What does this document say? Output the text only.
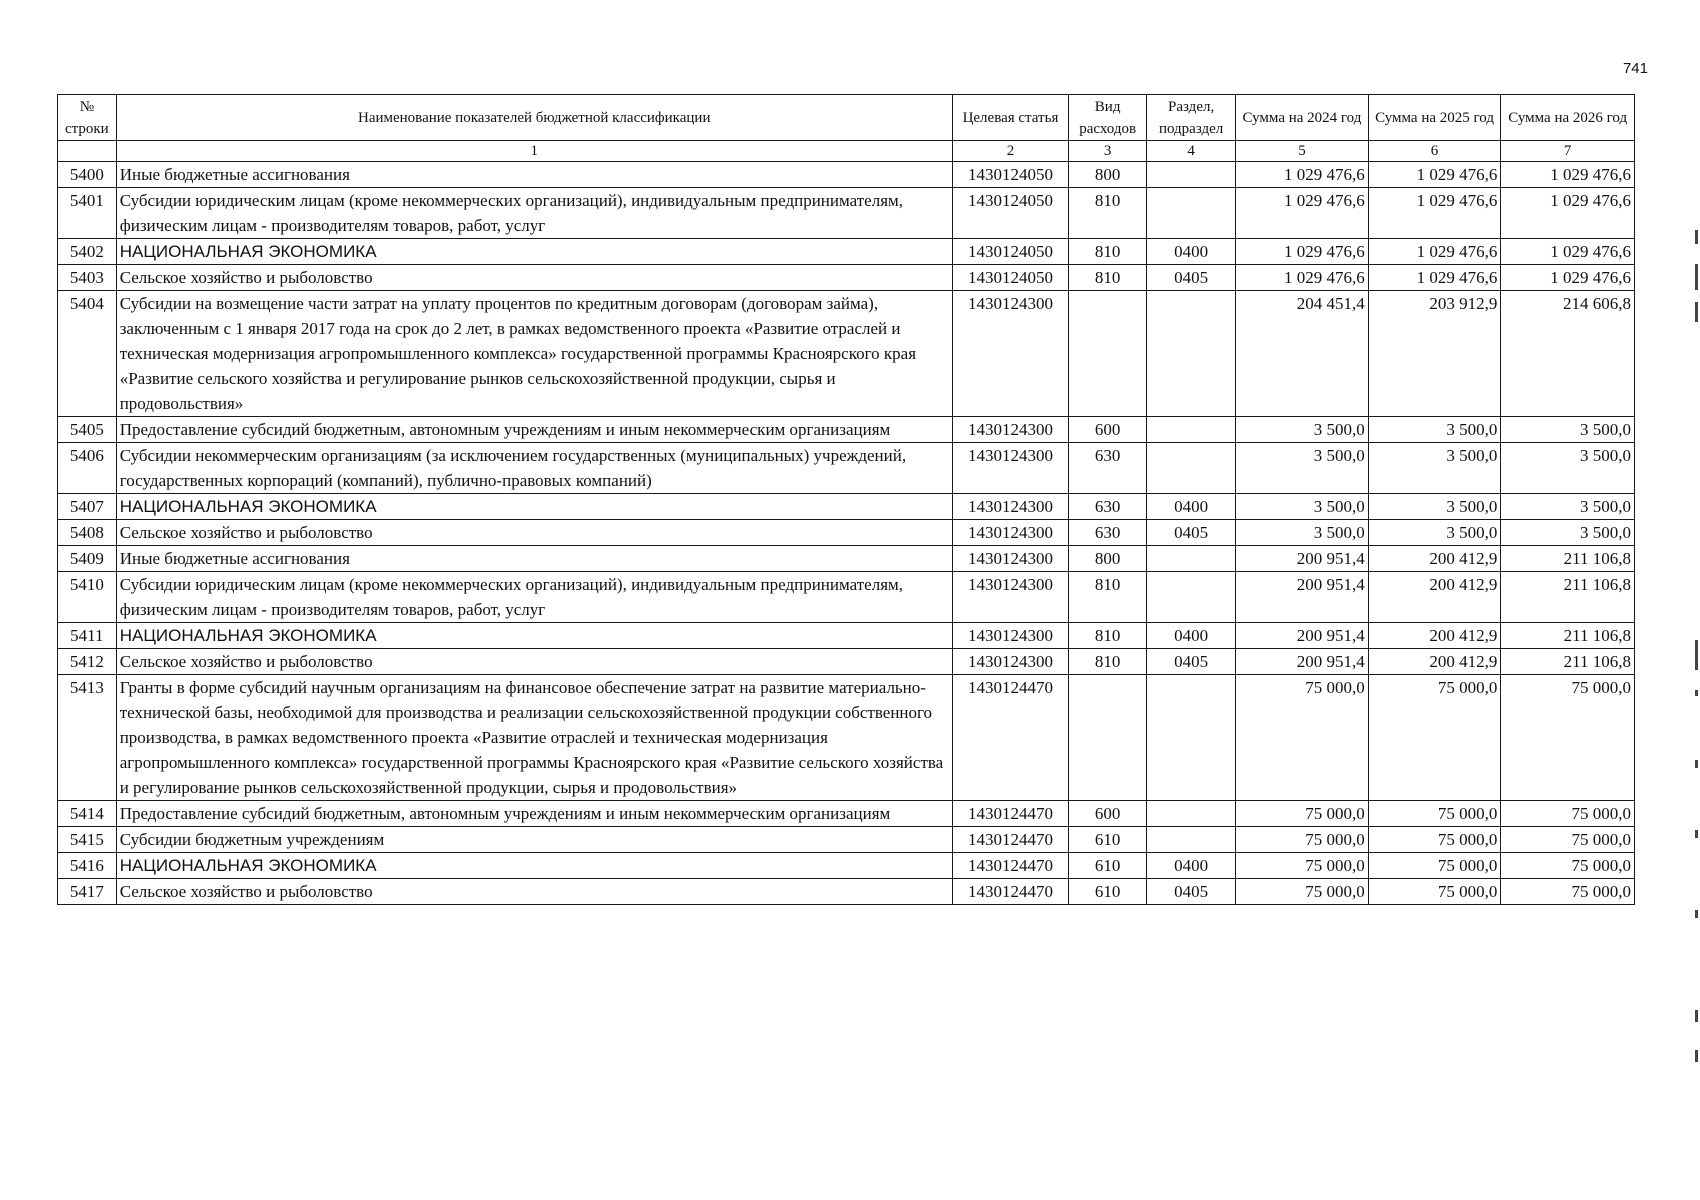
741
№ строки	Наименование показателей бюджетной классификации	Целевая статья	Вид расходов	Раздел, подраздел	Сумма на 2024 год	Сумма на 2025 год	Сумма на 2026 год
	1	2	3	4	5	6	7
5400	Иные бюджетные ассигнования	1430124050	800		1 029 476,6	1 029 476,6	1 029 476,6
5401	Субсидии юридическим лицам (кроме некоммерческих организаций), индивидуальным предпринимателям, физическим лицам - производителям товаров, работ, услуг	1430124050	810		1 029 476,6	1 029 476,6	1 029 476,6
5402	НАЦИОНАЛЬНАЯ ЭКОНОМИКА	1430124050	810	0400	1 029 476,6	1 029 476,6	1 029 476,6
5403	Сельское хозяйство и рыболовство	1430124050	810	0405	1 029 476,6	1 029 476,6	1 029 476,6
5404	Субсидии на возмещение части затрат на уплату процентов по кредитным договорам (договорам займа), заключенным с 1 января 2017 года на срок до 2 лет, в рамках ведомственного проекта «Развитие отраслей и техническая модернизация агропромышленного комплекса» государственной программы Красноярского края «Развитие сельского хозяйства и регулирование рынков сельскохозяйственной продукции, сырья и продовольствия»	1430124300			204 451,4	203 912,9	214 606,8
5405	Предоставление субсидий бюджетным, автономным учреждениям и иным некоммерческим организациям	1430124300	600		3 500,0	3 500,0	3 500,0
5406	Субсидии некоммерческим организациям (за исключением государственных (муниципальных) учреждений, государственных корпораций (компаний), публично-правовых компаний)	1430124300	630		3 500,0	3 500,0	3 500,0
5407	НАЦИОНАЛЬНАЯ ЭКОНОМИКА	1430124300	630	0400	3 500,0	3 500,0	3 500,0
5408	Сельское хозяйство и рыболовство	1430124300	630	0405	3 500,0	3 500,0	3 500,0
5409	Иные бюджетные ассигнования	1430124300	800		200 951,4	200 412,9	211 106,8
5410	Субсидии юридическим лицам (кроме некоммерческих организаций), индивидуальным предпринимателям, физическим лицам - производителям товаров, работ, услуг	1430124300	810		200 951,4	200 412,9	211 106,8
5411	НАЦИОНАЛЬНАЯ ЭКОНОМИКА	1430124300	810	0400	200 951,4	200 412,9	211 106,8
5412	Сельское хозяйство и рыболовство	1430124300	810	0405	200 951,4	200 412,9	211 106,8
5413	Гранты в форме субсидий научным организациям на финансовое обеспечение затрат на развитие материально-технической базы, необходимой для производства и реализации сельскохозяйственной продукции собственного производства, в рамках ведомственного проекта «Развитие отраслей и техническая модернизация агропромышленного комплекса» государственной программы Красноярского края «Развитие сельского хозяйства и регулирование рынков сельскохозяйственной продукции, сырья и продовольствия»	1430124470			75 000,0	75 000,0	75 000,0
5414	Предоставление субсидий бюджетным, автономным учреждениям и иным некоммерческим организациям	1430124470	600		75 000,0	75 000,0	75 000,0
5415	Субсидии бюджетным учреждениям	1430124470	610		75 000,0	75 000,0	75 000,0
5416	НАЦИОНАЛЬНАЯ ЭКОНОМИКА	1430124470	610	0400	75 000,0	75 000,0	75 000,0
5417	Сельское хозяйство и рыболовство	1430124470	610	0405	75 000,0	75 000,0	75 000,0
